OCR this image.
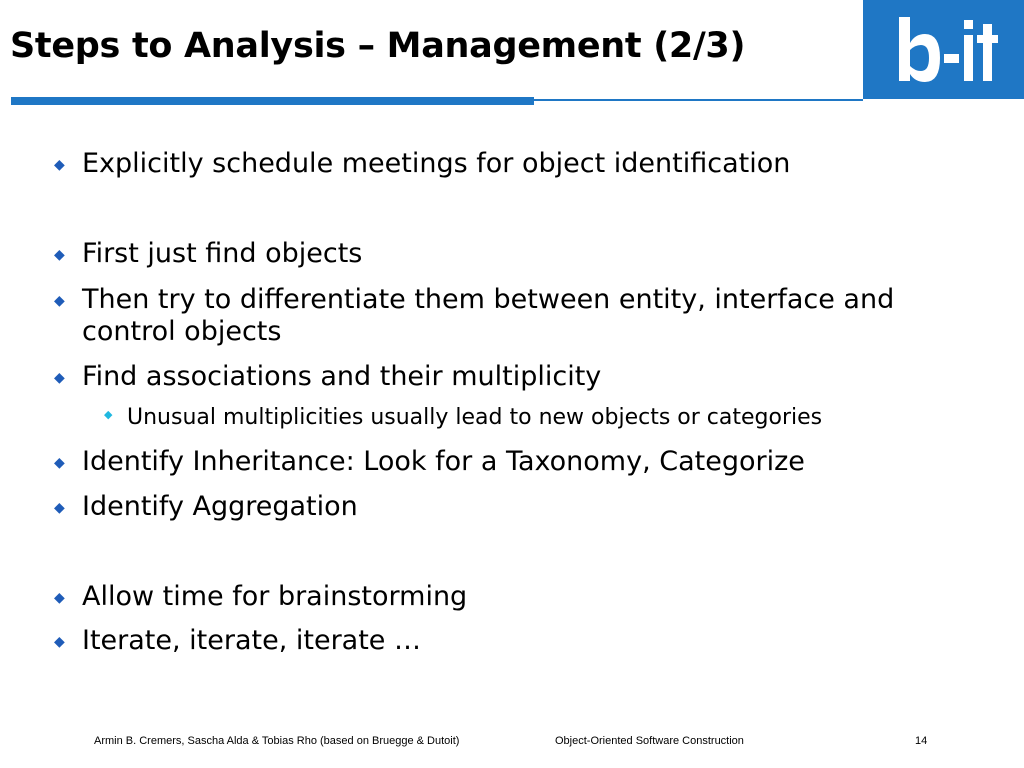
Steps to Analysis – Management (2/3)
◆ Explicitly schedule meetings for object identification
◆ First just find objects
◆ Then try to differentiate them between entity, interface and control objects
◆ Find associations and their multiplicity
◆ Unusual multiplicities usually lead to new objects or categories
◆ Identify Inheritance: Look for a Taxonomy, Categorize
◆ Identify Aggregation
◆ Allow time for brainstorming
◆ Iterate, iterate, iterate …
Armin B. Cremers, Sascha Alda & Tobias Rho (based on Bruegge & Dutoit)	Object-Oriented Software Construction	14
